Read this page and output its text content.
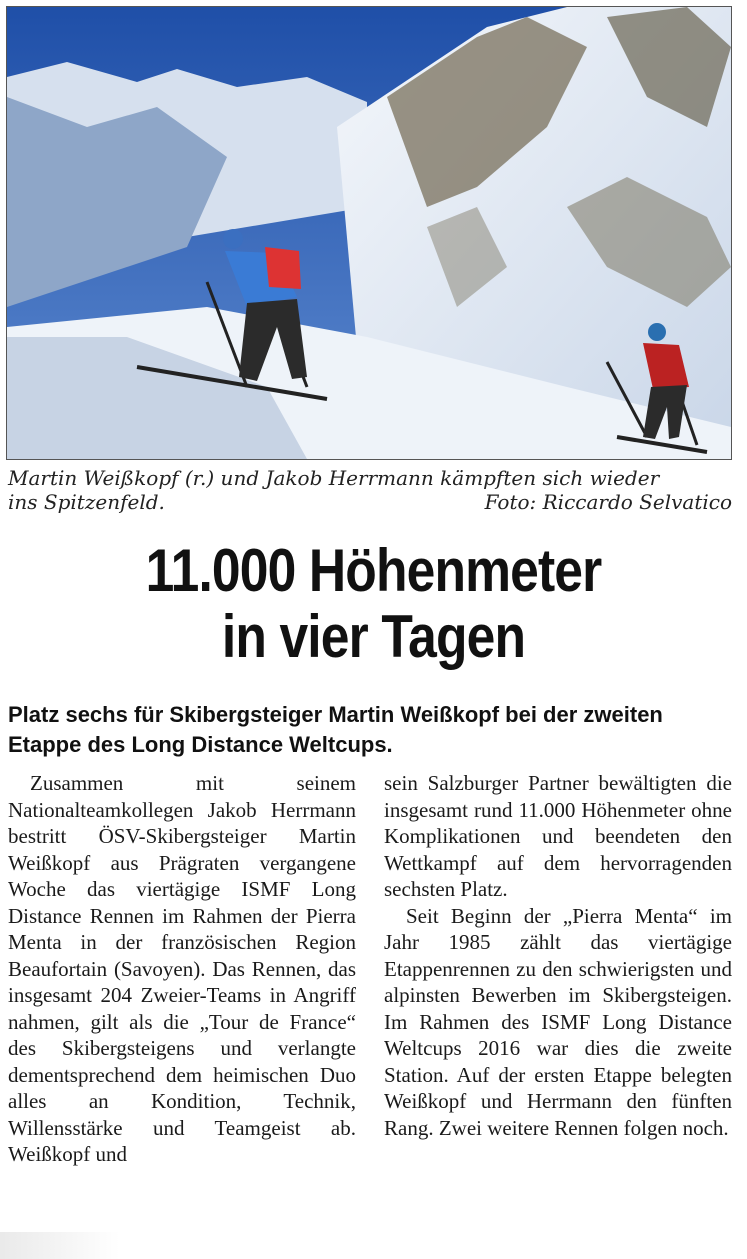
Martin Weißkopf (r.) und Jakob Herrmann kämpften sich wieder
ins Spitzenfeld.	Foto: Riccardo Selvatico
11.000 Höhenmeter
in vier Tagen
Platz sechs für Skibergsteiger Martin Weißkopf bei der zweiten Etappe des Long Distance Weltcups.

Zusammen mit seinem Nationalteamkollegen Jakob Herrmann bestritt ÖSV-Skibergsteiger Martin Weißkopf aus Prägraten vergangene Woche das viertägige ISMF Long Distance Rennen im Rahmen der Pierra Menta in der französischen Region Beaufortain (Savoyen). Das Rennen, das insgesamt 204 Zweier-Teams in Angriff nahmen, gilt als die „Tour de France“ des Skibergsteigens und verlangte dementsprechend dem heimischen Duo alles an Kondition, Technik, Willensstärke und Teamgeist ab. Weißkopf und

sein Salzburger Partner bewältigten die insgesamt rund 11.000 Höhenmeter ohne Komplikationen und beendeten den Wettkampf auf dem hervorragenden sechsten Platz.

Seit Beginn der „Pierra Menta“ im Jahr 1985 zählt das viertägige Etappenrennen zu den schwierigsten und alpinsten Bewerben im Skibergsteigen. Im Rahmen des ISMF Long Distance Weltcups 2016 war dies die zweite Station. Auf der ersten Etappe belegten Weißkopf und Herrmann den fünften Rang. Zwei weitere Rennen folgen noch.
